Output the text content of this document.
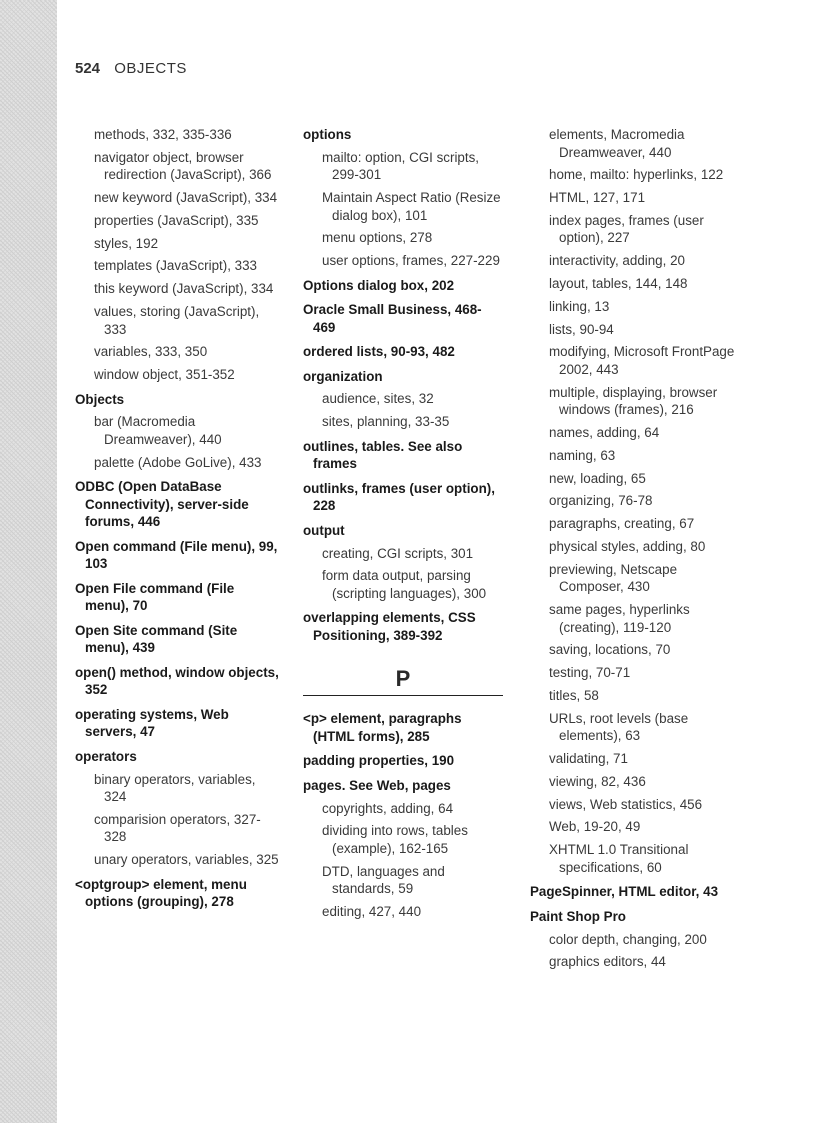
524 OBJECTS
methods, 332, 335-336
navigator object, browser redirection (JavaScript), 366
new keyword (JavaScript), 334
properties (JavaScript), 335
styles, 192
templates (JavaScript), 333
this keyword (JavaScript), 334
values, storing (JavaScript), 333
variables, 333, 350
window object, 351-352
Objects
bar (Macromedia Dreamweaver), 440
palette (Adobe GoLive), 433
ODBC (Open DataBase Connectivity), server-side forums, 446
Open command (File menu), 99, 103
Open File command (File menu), 70
Open Site command (Site menu), 439
open() method, window objects, 352
operating systems, Web servers, 47
operators
binary operators, variables, 324
comparision operators, 327-328
unary operators, variables, 325
<optgroup> element, menu options (grouping), 278
options
mailto: option, CGI scripts, 299-301
Maintain Aspect Ratio (Resize dialog box), 101
menu options, 278
user options, frames, 227-229
Options dialog box, 202
Oracle Small Business, 468-469
ordered lists, 90-93, 482
organization
audience, sites, 32
sites, planning, 33-35
outlines, tables. See also frames
outlinks, frames (user option), 228
output
creating, CGI scripts, 301
form data output, parsing (scripting languages), 300
overlapping elements, CSS Positioning, 389-392
P
<p> element, paragraphs (HTML forms), 285
padding properties, 190
pages. See Web, pages
copyrights, adding, 64
dividing into rows, tables (example), 162-165
DTD, languages and standards, 59
editing, 427, 440
elements, Macromedia Dreamweaver, 440
home, mailto: hyperlinks, 122
HTML, 127, 171
index pages, frames (user option), 227
interactivity, adding, 20
layout, tables, 144, 148
linking, 13
lists, 90-94
modifying, Microsoft FrontPage 2002, 443
multiple, displaying, browser windows (frames), 216
names, adding, 64
naming, 63
new, loading, 65
organizing, 76-78
paragraphs, creating, 67
physical styles, adding, 80
previewing, Netscape Composer, 430
same pages, hyperlinks (creating), 119-120
saving, locations, 70
testing, 70-71
titles, 58
URLs, root levels (base elements), 63
validating, 71
viewing, 82, 436
views, Web statistics, 456
Web, 19-20, 49
XHTML 1.0 Transitional specifications, 60
PageSpinner, HTML editor, 43
Paint Shop Pro
color depth, changing, 200
graphics editors, 44
